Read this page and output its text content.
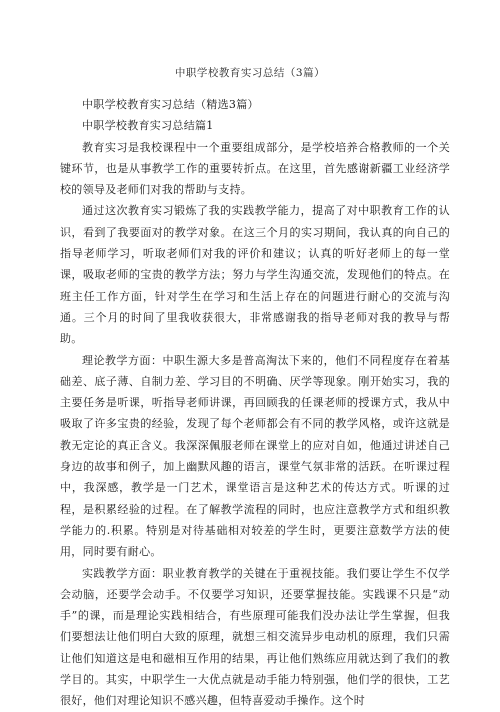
中职学校教育实习总结（3篇）

中职学校教育实习总结（精选3篇）

中职学校教育实习总结篇1

教育实习是我校课程中一个重要组成部分，是学校培养合格教师的一个关键环节，也是从事教学工作的重要转折点。在这里，首先感谢新疆工业经济学校的领导及老师们对我的帮助与支持。

通过这次教育实习锻炼了我的实践教学能力，提高了对中职教育工作的认识，看到了我要面对的教学对象。在这三个月的实习期间，我认真的向自己的指导老师学习，听取老师们对我的评价和建议；认真的听好老师上的每一堂课，吸取老师的宝贵的教学方法；努力与学生沟通交流，发现他们的特点。在班主任工作方面，针对学生在学习和生活上存在的问题进行耐心的交流与沟通。三个月的时间了里我收获很大，非常感谢我的指导老师对我的教导与帮助。

理论教学方面：中职生源大多是普高淘汰下来的，他们不同程度存在着基础差、底子薄、自制力差、学习目的不明确、厌学等现象。刚开始实习，我的主要任务是听课，听指导老师讲课，再回顾我的任课老师的授课方式，我从中吸取了许多宝贵的经验，发现了每个老师都会有不同的教学风格，或许这就是教无定论的真正含义。我深深佩服老师在课堂上的应对自如，他通过讲述自己身边的故事和例子，加上幽默风趣的语言，课堂气氛非常的活跃。在听课过程中，我深感，教学是一门艺术，课堂语言是这种艺术的传达方式。听课的过程，是积累经验的过程。在了解教学流程的同时，也应注意教学方式和组织教学能力的.积累。特别是对待基础相对较差的学生时，更要注意数学方法的使用，同时要有耐心。

实践教学方面：职业教育教学的关键在于重视技能。我们要让学生不仅学会动脑，还要学会动手。不仅要学习知识，还要掌握技能。实践课不只是“动手”的课，而是理论实践相结合，有些原理可能我们没办法让学生掌握，但我们要想法让他们明白大致的原理，就想三相交流异步电动机的原理，我们只需让他们知道这是电和磁相互作用的结果，再让他们熟练应用就达到了我们的教学目的。其实，中职学生一大优点就是动手能力特别强，他们学的很快，工艺很好，他们对理论知识不感兴趣，但特喜爱动手操作。这个时
